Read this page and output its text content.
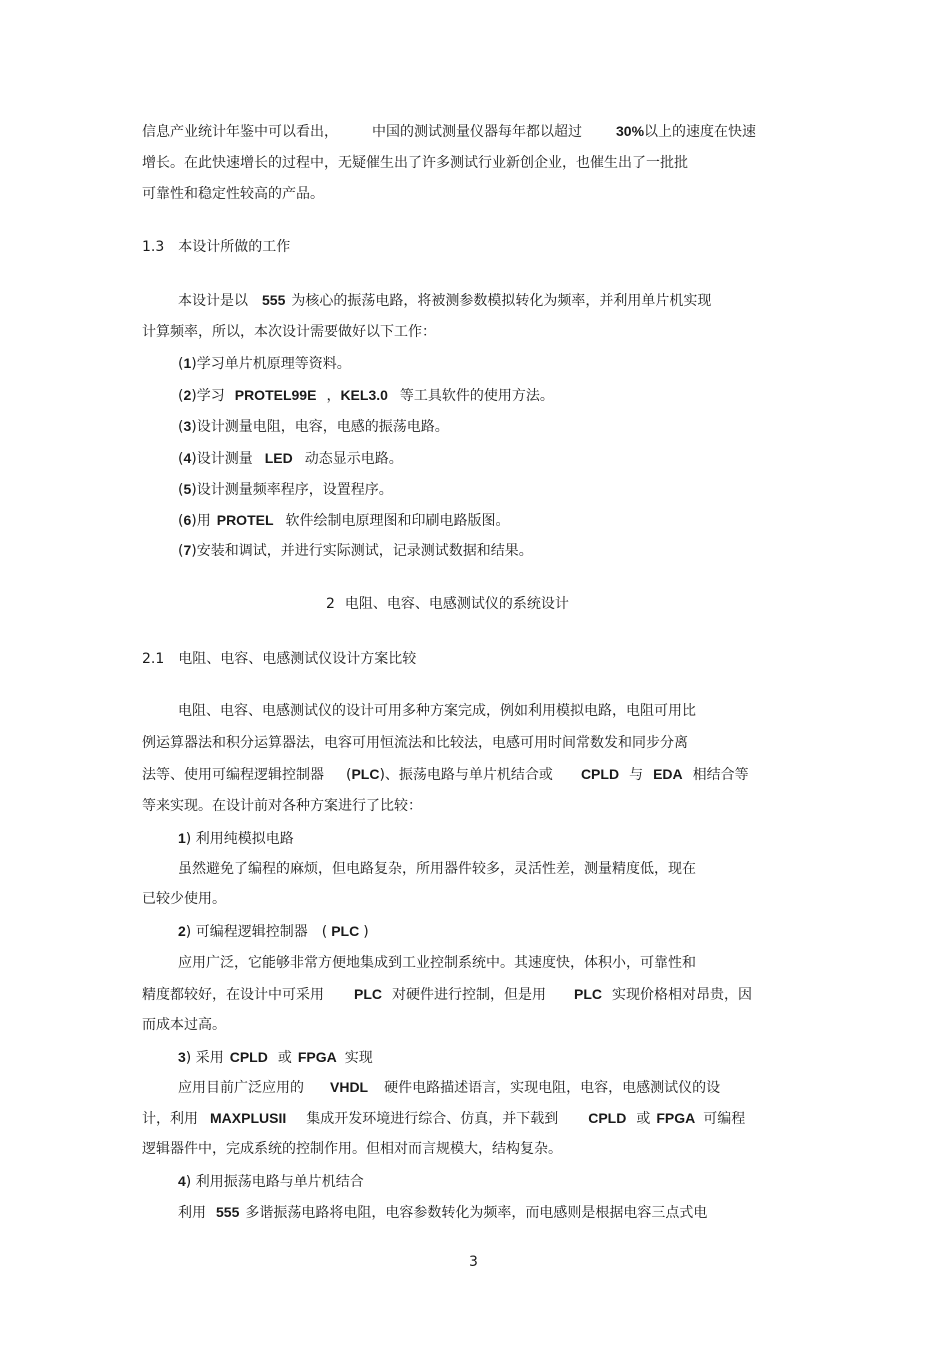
信息产业统计年鉴中可以看出， 中国的测试测量仪器每年都以超过 30%以上的速度在快速
增长。在此快速增长的过程中，无疑催生出了许多测试行业新创企业，也催生出了一批批
可靠性和稳定性较高的产品。
1.3 本设计所做的工作
本设计是以 555 为核心的振荡电路，将被测参数模拟转化为频率，并利用单片机实现
计算频率，所以，本次设计需要做好以下工作：
(1)学习单片机原理等资料。
(2)学习 PROTEL99E ，KEL3.0 等工具软件的使用方法。
(3)设计测量电阻，电容，电感的振荡电路。
(4)设计测量 LED 动态显示电路。
(5)设计测量频率程序，设置程序。
(6)用 PROTEL 软件绘制电原理图和印刷电路版图。
(7)安装和调试，并进行实际测试，记录测试数据和结果。
2 电阻、电容、电感测试仪的系统设计
2.1 电阻、电容、电感测试仪设计方案比较
电阻、电容、电感测试仪的设计可用多种方案完成，例如利用模拟电路，电阻可用比
例运算器法和积分运算器法，电容可用恒流法和比较法，电感可用时间常数发和同步分离
法等、使用可编程逻辑控制器 (PLC)、振荡电路与单片机结合或 CPLD 与 EDA 相结合等
等来实现。在设计前对各种方案进行了比较：
1) 利用纯模拟电路
虽然避免了编程的麻烦，但电路复杂，所用器件较多，灵活性差，测量精度低，现在
已较少使用。
2) 可编程逻辑控制器 ( PLC )
应用广泛，它能够非常方便地集成到工业控制系统中。其速度快，体积小，可靠性和
精度都较好，在设计中可采用 PLC 对硬件进行控制，但是用 PLC 实现价格相对昂贵，因
而成本过高。
3) 采用 CPLD 或 FPGA 实现
应用目前广泛应用的 VHDL 硬件电路描述语言，实现电阻，电容，电感测试仪的设
计，利用 MAXPLUSII 集成开发环境进行综合、仿真，并下载到 CPLD 或 FPGA 可编程
逻辑器件中，完成系统的控制作用。但相对而言规模大，结构复杂。
4) 利用振荡电路与单片机结合
利用 555 多谐振荡电路将电阻，电容参数转化为频率，而电感则是根据电容三点式电
3
